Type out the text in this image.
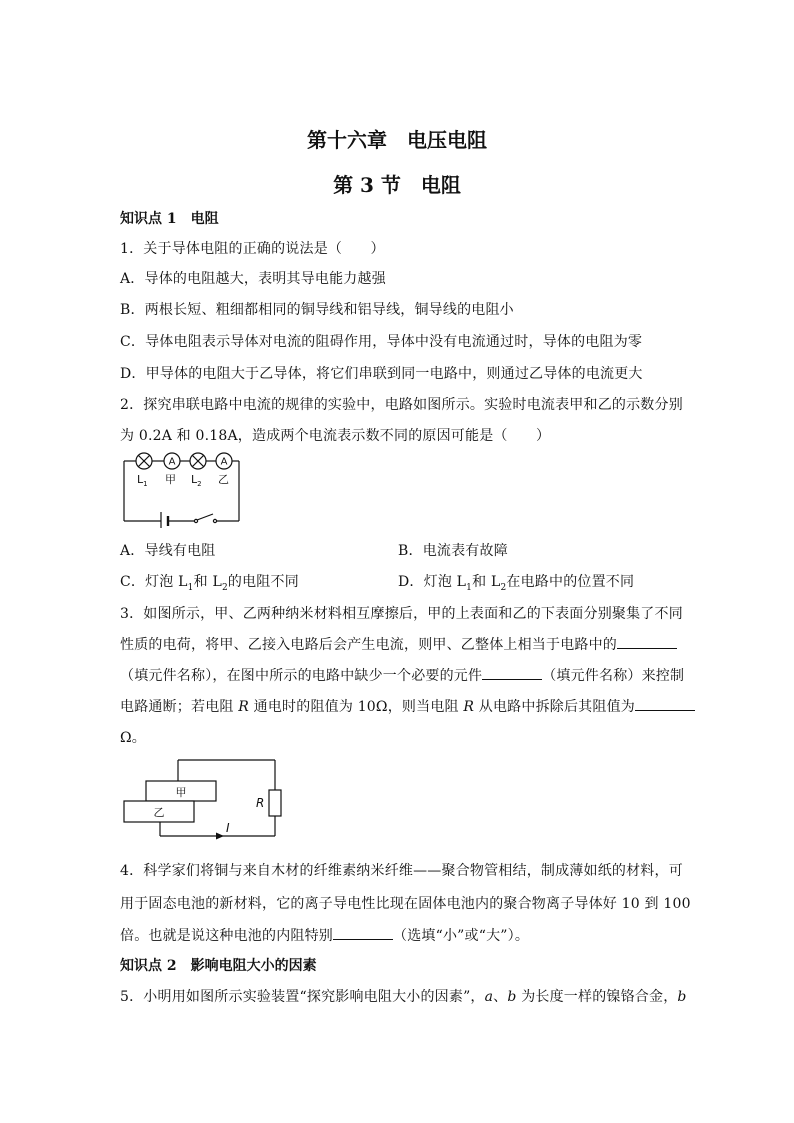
第十六章　电压电阻
第 3 节　电阻
知识点 1　电阻
1．关于导体电阻的正确的说法是（　　）
A．导体的电阻越大，表明其导电能力越强
B．两根长短、粗细都相同的铜导线和铝导线，铜导线的电阻小
C．导体电阻表示导体对电流的阻碍作用，导体中没有电流通过时，导体的电阻为零
D．甲导体的电阻大于乙导体，将它们串联到同一电路中，则通过乙导体的电流更大
2．探究串联电路中电流的规律的实验中，电路如图所示。实验时电流表甲和乙的示数分别
为 0.2A 和 0.18A，造成两个电流表示数不同的原因可能是（　　）
A	A
$L_1$ 甲 $L_2$ 乙
A．导线有电阻	B．电流表有故障
C．灯泡 $L_1$和 $L_2$的电阻不同	D．灯泡 $L_1$和 $L_2$在电路中的位置不同
3．如图所示，甲、乙两种纳米材料相互摩擦后，甲的上表面和乙的下表面分别聚集了不同
性质的电荷，将甲、乙接入电路后会产生电流，则甲、乙整体上相当于电路中的
（填元件名称），在图中所示的电路中缺少一个必要的元件	（填元件名称）来控制
电路通断；若电阻 R 通电时的阻值为 10Ω，则当电阻 R 从电路中拆除后其阻值为
Ω。
甲
乙
R
I
4．科学家们将铜与来自木材的纤维素纳米纤维——聚合物管相结，制成薄如纸的材料，可
用于固态电池的新材料，它的离子导电性比现在固体电池内的聚合物离子导体好 10 到 100
倍。也就是说这种电池的内阻特别	（选填“小”或“大”）。
知识点 2　影响电阻大小的因素
5．小明用如图所示实验装置“探究影响电阻大小的因素”，a、b 为长度一样的镍铬合金，b
